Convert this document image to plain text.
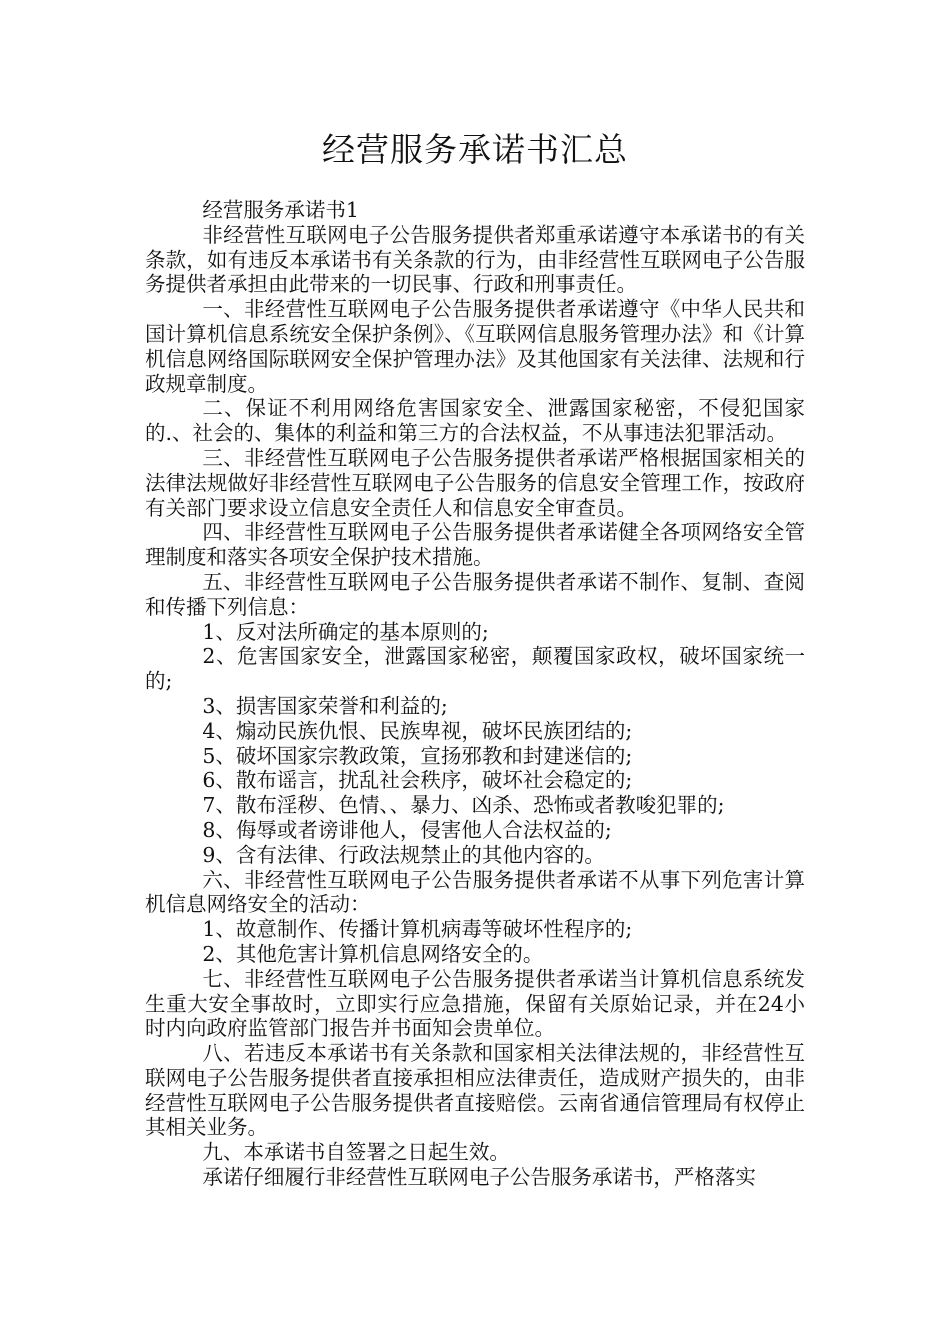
经营服务承诺书汇总

经营服务承诺书1

非经营性互联网电子公告服务提供者郑重承诺遵守本承诺书的有关条款，如有违反本承诺书有关条款的行为，由非经营性互联网电子公告服务提供者承担由此带来的一切民事、行政和刑事责任。

一、非经营性互联网电子公告服务提供者承诺遵守《中华人民共和国计算机信息系统安全保护条例》、《互联网信息服务管理办法》和《计算机信息网络国际联网安全保护管理办法》及其他国家有关法律、法规和行政规章制度。

二、保证不利用网络危害国家安全、泄露国家秘密，不侵犯国家的.、社会的、集体的利益和第三方的合法权益，不从事违法犯罪活动。

三、非经营性互联网电子公告服务提供者承诺严格根据国家相关的法律法规做好非经营性互联网电子公告服务的信息安全管理工作，按政府有关部门要求设立信息安全责任人和信息安全审查员。

四、非经营性互联网电子公告服务提供者承诺健全各项网络安全管理制度和落实各项安全保护技术措施。

五、非经营性互联网电子公告服务提供者承诺不制作、复制、查阅和传播下列信息：

1、反对法所确定的基本原则的;

2、危害国家安全，泄露国家秘密，颠覆国家政权，破坏国家统一的;

3、损害国家荣誉和利益的;

4、煽动民族仇恨、民族卑视，破坏民族团结的;

5、破坏国家宗教政策，宣扬邪教和封建迷信的;

6、散布谣言，扰乱社会秩序，破坏社会稳定的;

7、散布淫秽、色情、、暴力、凶杀、恐怖或者教唆犯罪的;

8、侮辱或者谤诽他人，侵害他人合法权益的;

9、含有法律、行政法规禁止的其他内容的。

六、非经营性互联网电子公告服务提供者承诺不从事下列危害计算机信息网络安全的活动：

1、故意制作、传播计算机病毒等破坏性程序的;

2、其他危害计算机信息网络安全的。

七、非经营性互联网电子公告服务提供者承诺当计算机信息系统发生重大安全事故时，立即实行应急措施，保留有关原始记录，并在24小时内向政府监管部门报告并书面知会贵单位。

八、若违反本承诺书有关条款和国家相关法律法规的，非经营性互联网电子公告服务提供者直接承担相应法律责任，造成财产损失的，由非经营性互联网电子公告服务提供者直接赔偿。云南省通信管理局有权停止其相关业务。

九、本承诺书自签署之日起生效。

承诺仔细履行非经营性互联网电子公告服务承诺书，严格落实
